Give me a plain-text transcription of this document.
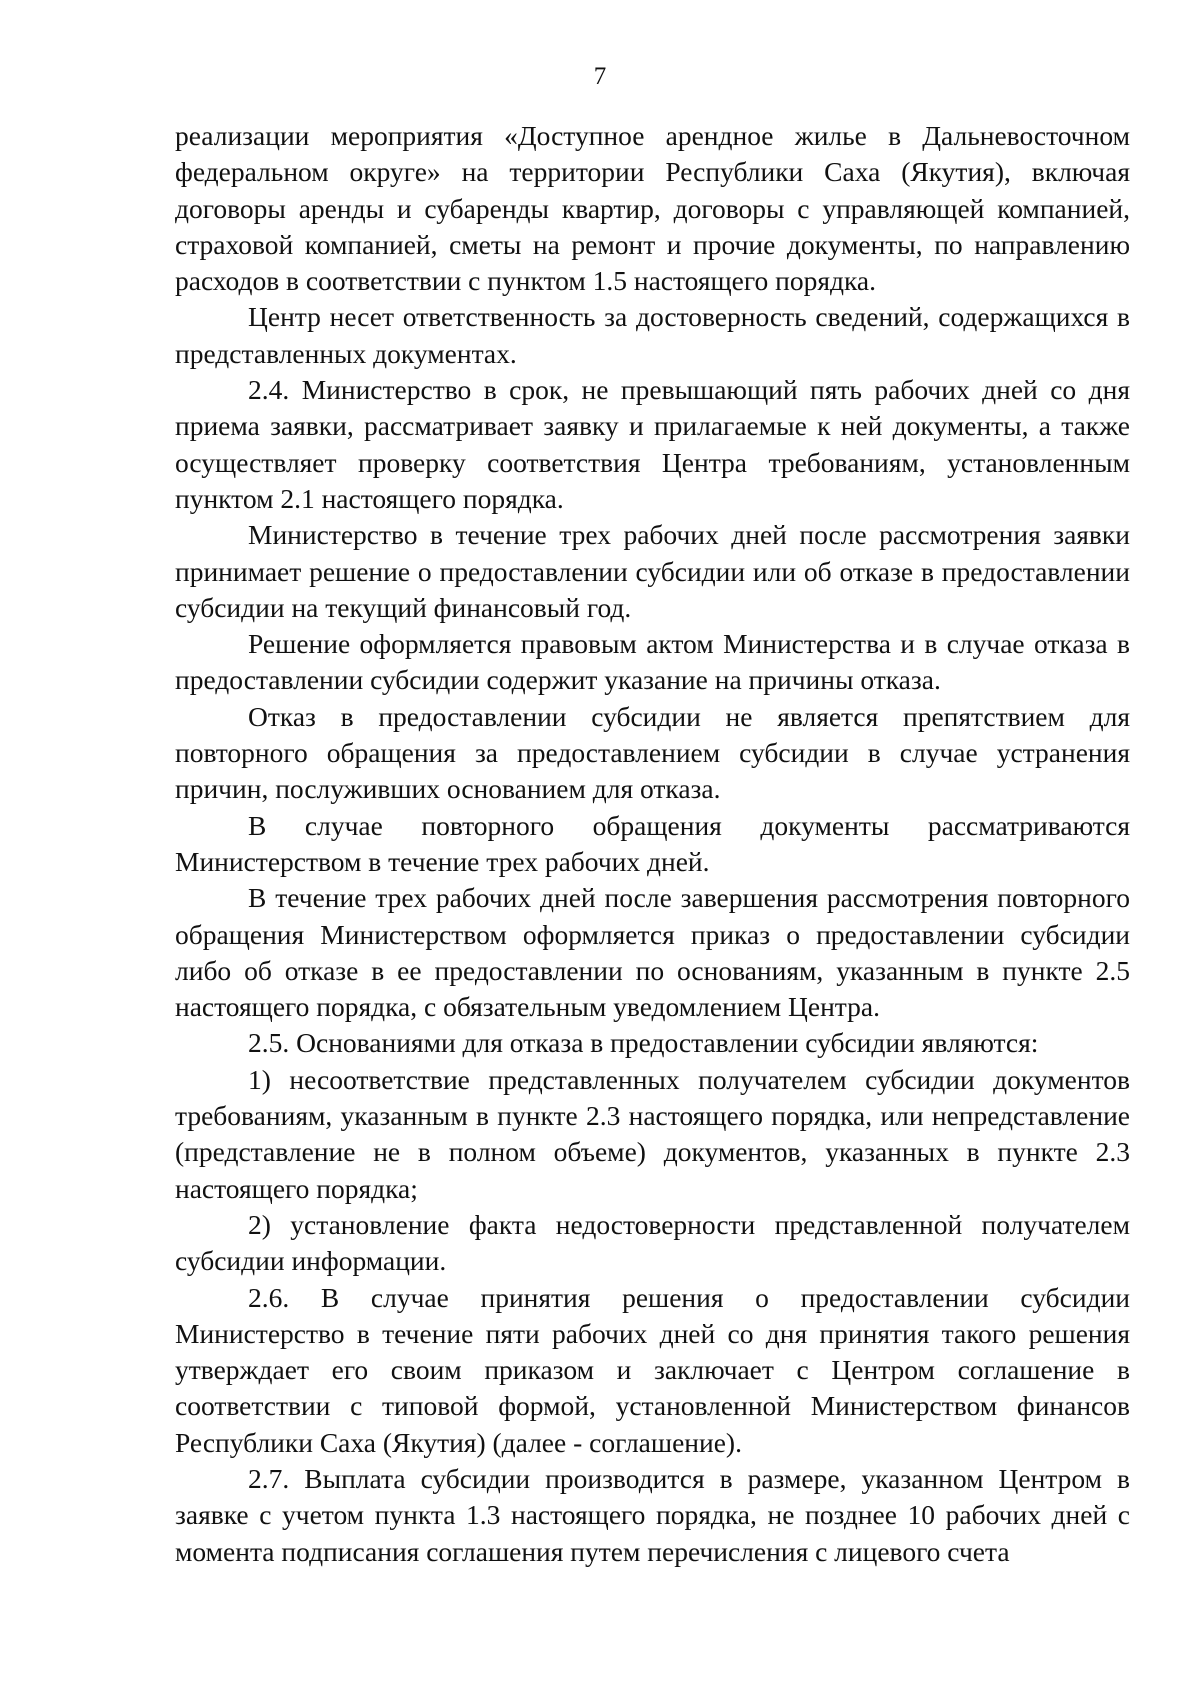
7

реализации мероприятия «Доступное арендное жилье в Дальневосточном федеральном округе» на территории Республики Саха (Якутия), включая договоры аренды и субаренды квартир, договоры с управляющей компанией, страховой компанией, сметы на ремонт и прочие документы, по направлению расходов в соответствии с пунктом 1.5 настоящего порядка.

Центр несет ответственность за достоверность сведений, содержащихся в представленных документах.

2.4. Министерство в срок, не превышающий пять рабочих дней со дня приема заявки, рассматривает заявку и прилагаемые к ней документы, а также осуществляет проверку соответствия Центра требованиям, установленным пунктом 2.1 настоящего порядка.

Министерство в течение трех рабочих дней после рассмотрения заявки принимает решение о предоставлении субсидии или об отказе в предоставлении субсидии на текущий финансовый год.

Решение оформляется правовым актом Министерства и в случае отказа в предоставлении субсидии содержит указание на причины отказа.

Отказ в предоставлении субсидии не является препятствием для повторного обращения за предоставлением субсидии в случае устранения причин, послуживших основанием для отказа.

В случае повторного обращения документы рассматриваются Министерством в течение трех рабочих дней.

В течение трех рабочих дней после завершения рассмотрения повторного обращения Министерством оформляется приказ о предоставлении субсидии либо об отказе в ее предоставлении по основаниям, указанным в пункте 2.5 настоящего порядка, с обязательным уведомлением Центра.

2.5. Основаниями для отказа в предоставлении субсидии являются:

1) несоответствие представленных получателем субсидии документов требованиям, указанным в пункте 2.3 настоящего порядка, или непредставление (представление не в полном объеме) документов, указанных в пункте 2.3 настоящего порядка;

2) установление факта недостоверности представленной получателем субсидии информации.

2.6. В случае принятия решения о предоставлении субсидии Министерство в течение пяти рабочих дней со дня принятия такого решения утверждает его своим приказом и заключает с Центром соглашение в соответствии с типовой формой, установленной Министерством финансов Республики Саха (Якутия) (далее - соглашение).

2.7. Выплата субсидии производится в размере, указанном Центром в заявке с учетом пункта 1.3 настоящего порядка, не позднее 10 рабочих дней с момента подписания соглашения путем перечисления с лицевого счета
